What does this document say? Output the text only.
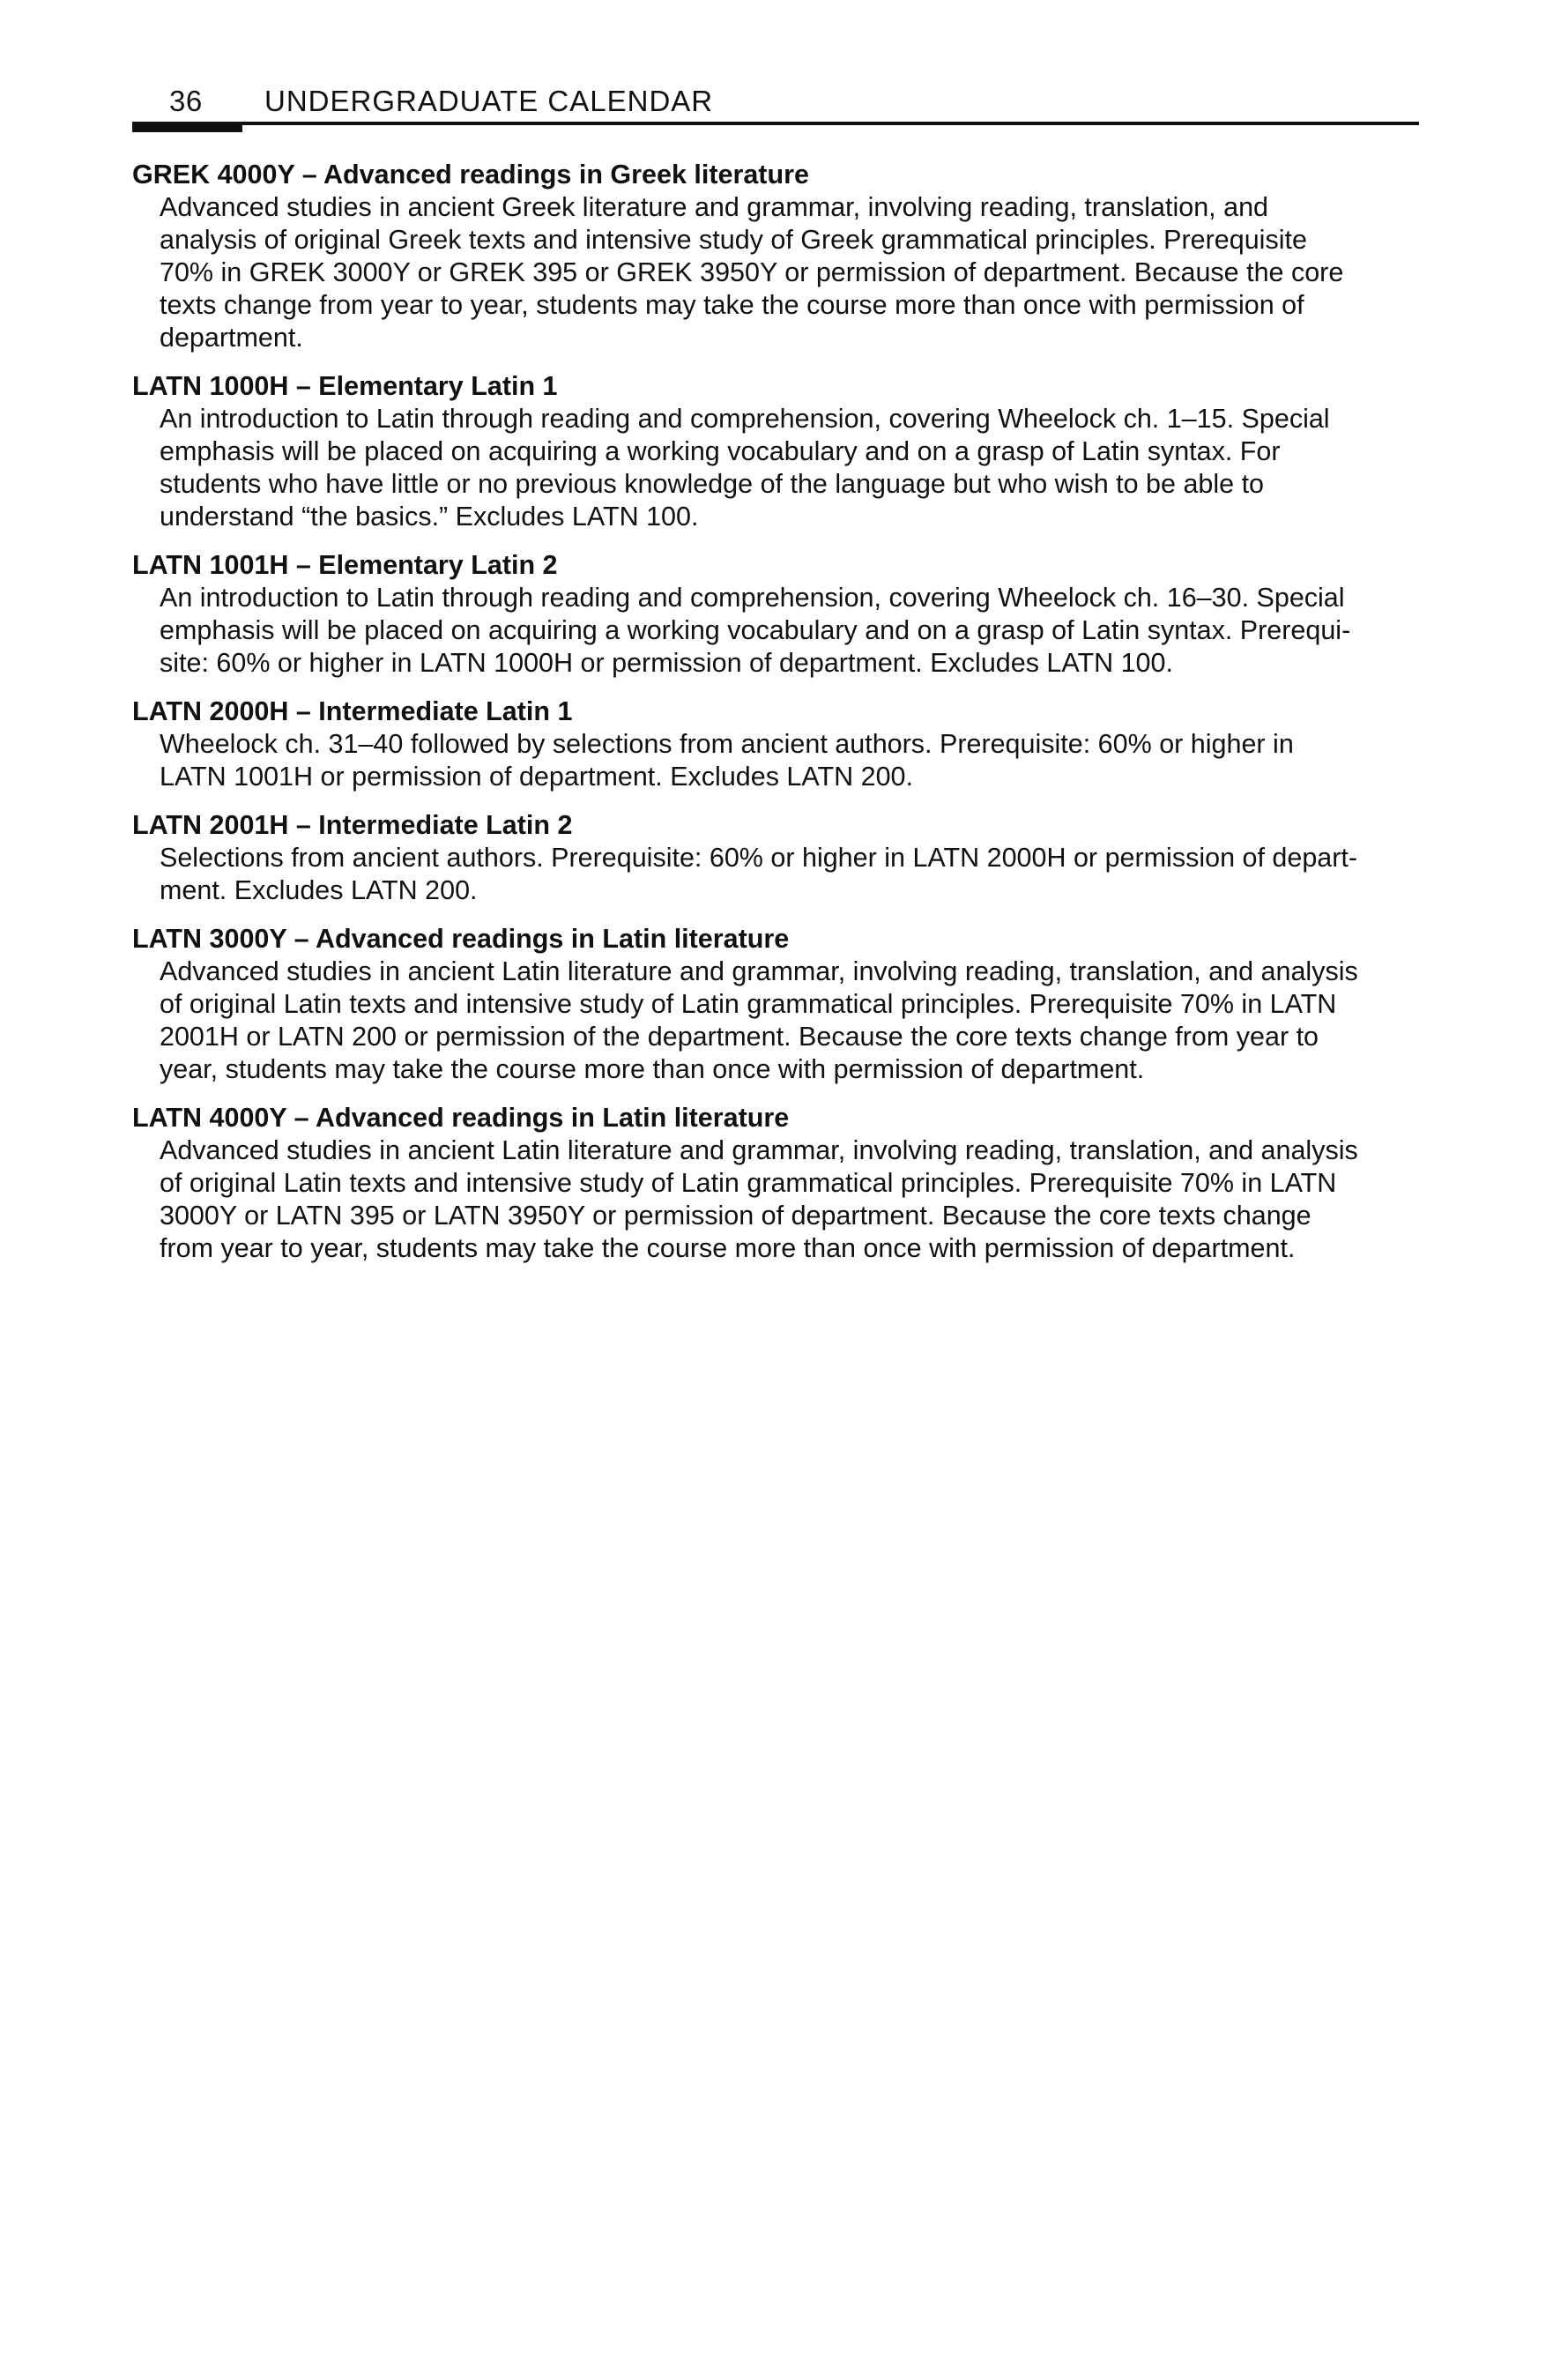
36 UNDERGRADUATE CALENDAR

GREK 4000Y – Advanced readings in Greek literature

Advanced studies in ancient Greek literature and grammar, involving reading, translation, and
analysis of original Greek texts and intensive study of Greek grammatical principles. Prerequisite
70% in GREK 3000Y or GREK 395 or GREK 3950Y or permission of department. Because the core
texts change from year to year, students may take the course more than once with permission of
department.

LATN 1000H – Elementary Latin 1

An introduction to Latin through reading and comprehension, covering Wheelock ch. 1–15. Special
emphasis will be placed on acquiring a working vocabulary and on a grasp of Latin syntax. For
students who have little or no previous knowledge of the language but who wish to be able to
understand “the basics.” Excludes LATN 100.

LATN 1001H – Elementary Latin 2

An introduction to Latin through reading and comprehension, covering Wheelock ch. 16–30. Special
emphasis will be placed on acquiring a working vocabulary and on a grasp of Latin syntax. Prerequi-
site: 60% or higher in LATN 1000H or permission of department. Excludes LATN 100.

LATN 2000H – Intermediate Latin 1

Wheelock ch. 31–40 followed by selections from ancient authors. Prerequisite: 60% or higher in
LATN 1001H or permission of department. Excludes LATN 200.

LATN 2001H – Intermediate Latin 2

Selections from ancient authors. Prerequisite: 60% or higher in LATN 2000H or permission of depart-
ment. Excludes LATN 200.

LATN 3000Y – Advanced readings in Latin literature

Advanced studies in ancient Latin literature and grammar, involving reading, translation, and analysis
of original Latin texts and intensive study of Latin grammatical principles. Prerequisite 70% in LATN
2001H or LATN 200 or permission of the department. Because the core texts change from year to
year, students may take the course more than once with permission of department.

LATN 4000Y – Advanced readings in Latin literature

Advanced studies in ancient Latin literature and grammar, involving reading, translation, and analysis
of original Latin texts and intensive study of Latin grammatical principles. Prerequisite 70% in LATN
3000Y or LATN 395 or LATN 3950Y or permission of department. Because the core texts change
from year to year, students may take the course more than once with permission of department.
